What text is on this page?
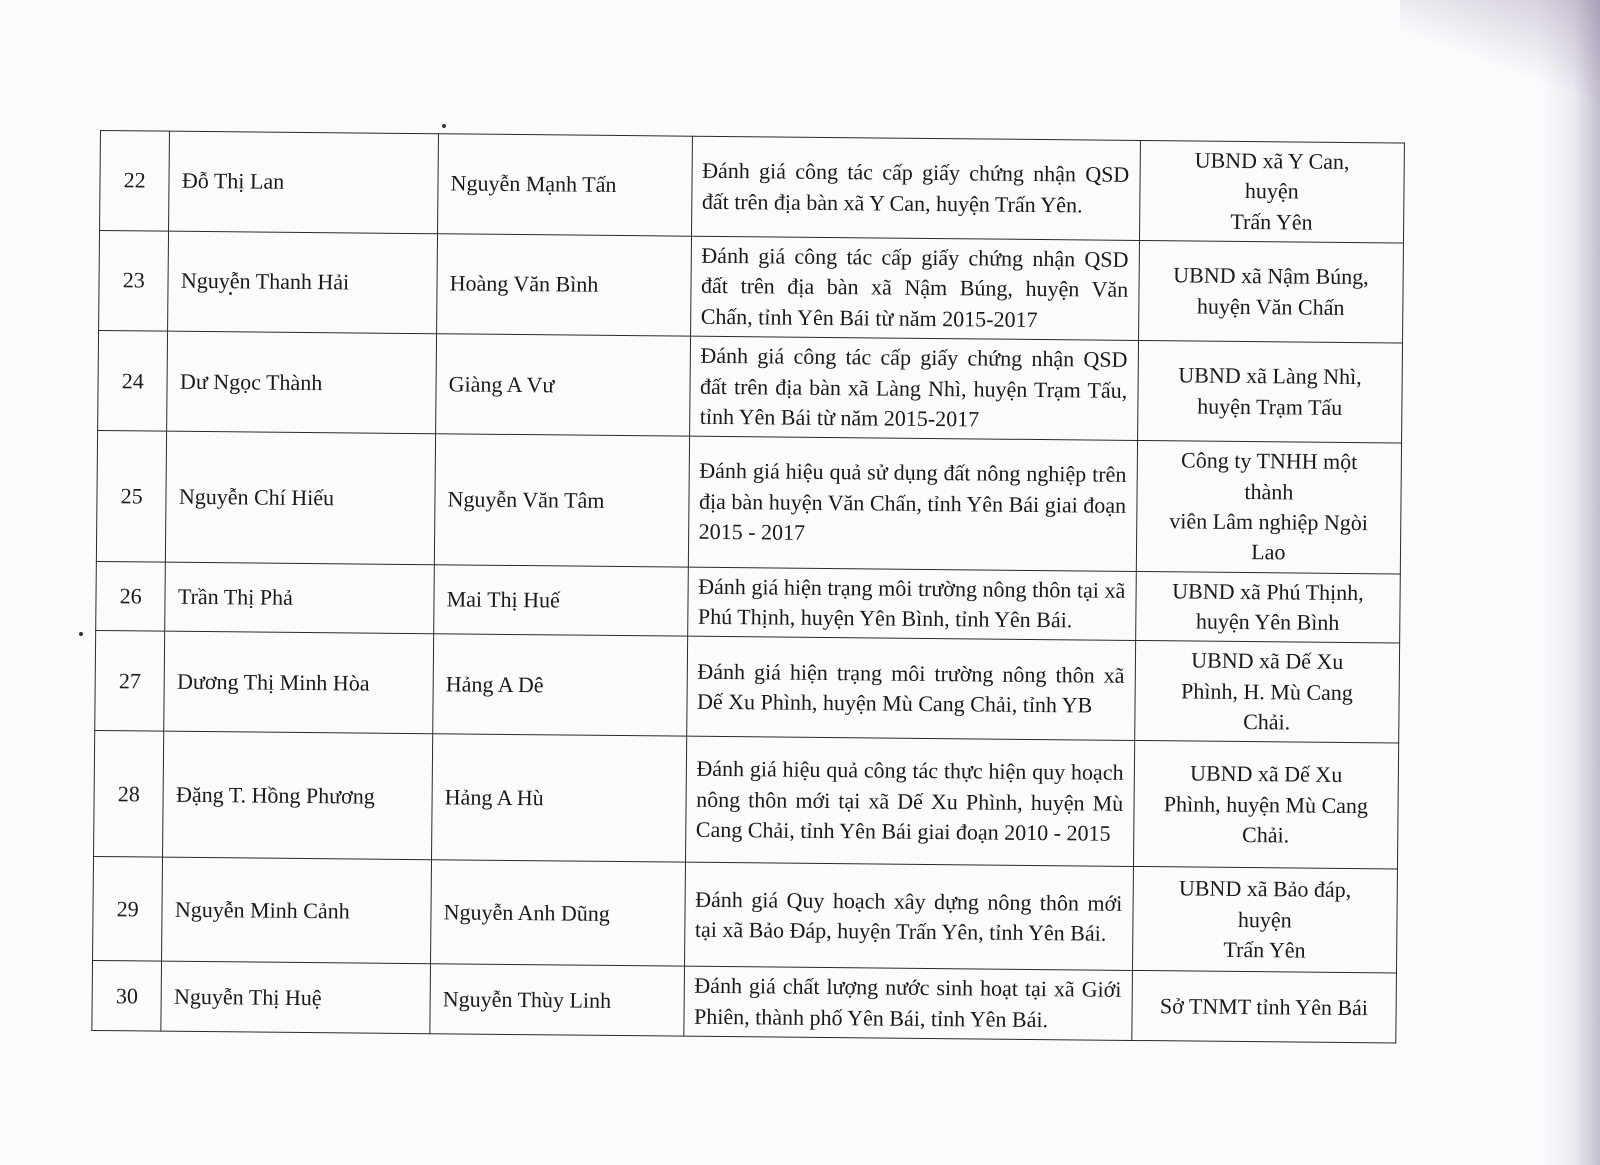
22	Đỗ Thị Lan	Nguyễn Mạnh Tấn	Đánh giá công tác cấp giấy chứng nhận QSD đất trên địa bàn xã Y Can, huyện Trấn Yên.	UBND xã Y Can,
huyện
Trấn Yên

23	Nguyễn Thanh Hải	Hoàng Văn Bình	Đánh giá công tác cấp giấy chứng nhận QSD đất trên địa bàn xã Nậm Búng, huyện Văn Chấn, tỉnh Yên Bái từ năm 2015-2017	UBND xã Nậm Búng,
huyện Văn Chấn

24	Dư Ngọc Thành	Giàng A Vư	Đánh giá công tác cấp giấy chứng nhận QSD đất trên địa bàn xã Làng Nhì, huyện Trạm Tấu, tỉnh Yên Bái từ năm 2015-2017	UBND xã Làng Nhì,
huyện Trạm Tấu

25	Nguyễn Chí Hiếu	Nguyễn Văn Tâm	Đánh giá hiệu quả sử dụng đất nông nghiệp trên địa bàn huyện Văn Chấn, tỉnh Yên Bái giai đoạn 2015 - 2017	Công ty TNHH một
thành
viên Lâm nghiệp Ngòi
Lao

26	Trần Thị Phả	Mai Thị Huế	Đánh giá hiện trạng môi trường nông thôn tại xã Phú Thịnh, huyện Yên Bình, tỉnh Yên Bái.	UBND xã Phú Thịnh,
huyện Yên Bình

27	Dương Thị Minh Hòa	Hảng A Dê	Đánh giá hiện trạng môi trường nông thôn xã Dế Xu Phình, huyện Mù Cang Chải, tỉnh YB	UBND xã Dế Xu
Phình, H. Mù Cang
Chải.

28	Đặng T. Hồng Phương	Hảng A Hù	Đánh giá hiệu quả công tác thực hiện quy hoạch nông thôn mới tại xã Dế Xu Phình, huyện Mù Cang Chải, tỉnh Yên Bái giai đoạn 2010 - 2015	UBND xã Dế Xu
Phình, huyện Mù Cang
Chải.

29	Nguyễn Minh Cảnh	Nguyễn Anh Dũng	Đánh giá Quy hoạch xây dựng nông thôn mới tại xã Bảo Đáp, huyện Trấn Yên, tỉnh Yên Bái.	UBND xã Bảo đáp,
huyện
Trấn Yên

30	Nguyễn Thị Huệ	Nguyễn Thùy Linh	Đánh giá chất lượng nước sinh hoạt tại xã Giới Phiên, thành phố Yên Bái, tỉnh Yên Bái.	Sở TNMT tỉnh Yên Bái
